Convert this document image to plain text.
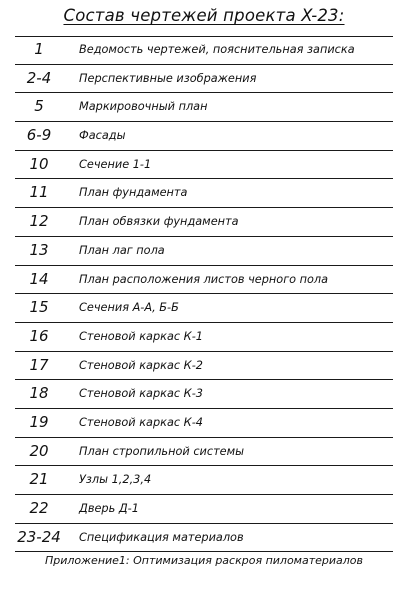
Состав чертежей проекта X-23:
1	Ведомость чертежей, пояснительная записка
2-4	Перспективные изображения
5	Маркировочный план
6-9	Фасады
10	Сечение 1-1
11	План фундамента
12	План обвязки фундамента
13	План лаг пола
14	План расположения листов черного пола
15	Сечения А-А, Б-Б
16	Стеновой каркас К-1
17	Стеновой каркас К-2
18	Стеновой каркас К-3
19	Стеновой каркас К-4
20	План стропильной системы
21	Узлы 1,2,3,4
22	Дверь Д-1
23-24	Спецификация материалов
Приложение1: Оптимизация раскроя пиломатериалов
